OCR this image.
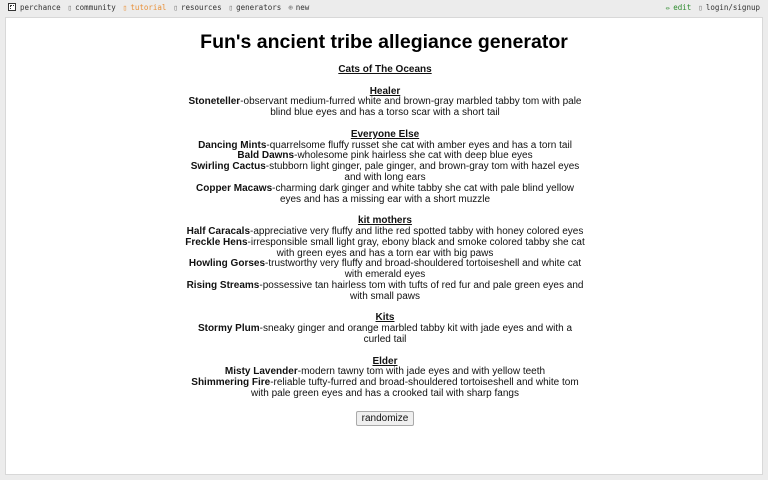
perchance ▯ community ▯ tutorial ▯ resources ▯ generators ⊕ new	✏ edit ▯ login/signup
Fun's ancient tribe allegiance generator
Cats of The Oceans
Healer
Stoneteller-observant medium-furred white and brown-gray marbled tabby tom with pale blind blue eyes and has a torso scar with a short tail
Everyone Else
Dancing Mints-quarrelsome fluffy russet she cat with amber eyes and has a torn tail
Bald Dawns-wholesome pink hairless she cat with deep blue eyes
Swirling Cactus-stubborn light ginger, pale ginger, and brown-gray tom with hazel eyes and with long ears
Copper Macaws-charming dark ginger and white tabby she cat with pale blind yellow eyes and has a missing ear with a short muzzle
kit mothers
Half Caracals-appreciative very fluffy and lithe red spotted tabby with honey colored eyes
Freckle Hens-irresponsible small light gray, ebony black and smoke colored tabby she cat with green eyes and has a torn ear with big paws
Howling Gorses-trustworthy very fluffy and broad-shouldered tortoiseshell and white cat with emerald eyes
Rising Streams-possessive tan hairless tom with tufts of red fur and pale green eyes and with small paws
Kits
Stormy Plum-sneaky ginger and orange marbled tabby kit with jade eyes and with a curled tail
Elder
Misty Lavender-modern tawny tom with jade eyes and with yellow teeth
Shimmering Fire-reliable tufty-furred and broad-shouldered tortoiseshell and white tom with pale green eyes and has a crooked tail with sharp fangs
randomize
